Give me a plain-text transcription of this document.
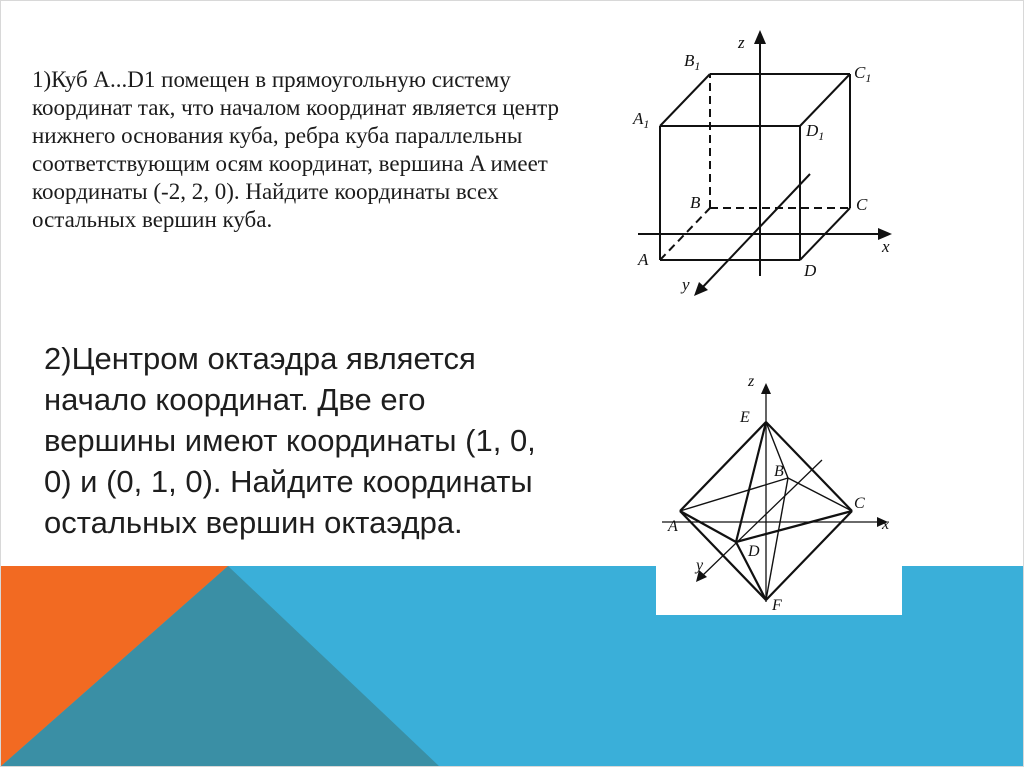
1)Куб A...D1 помещен в прямоугольную систему координат так, что началом координат является центр нижнего основания куба, ребра куба параллельны соответствующим осям координат, вершина A имеет координаты (-2, 2, 0). Найдите координаты всех остальных вершин куба.
2)Центром октаэдра является начало координат. Две его вершины имеют координаты (1, 0, 0) и (0, 1, 0). Найдите координаты остальных вершин октаэдра.
$B_1$	$C_1$
$A_1$	$D_1$
B	C
A
D
x
z
y
E
B
C
A
D
F
x
z
y
